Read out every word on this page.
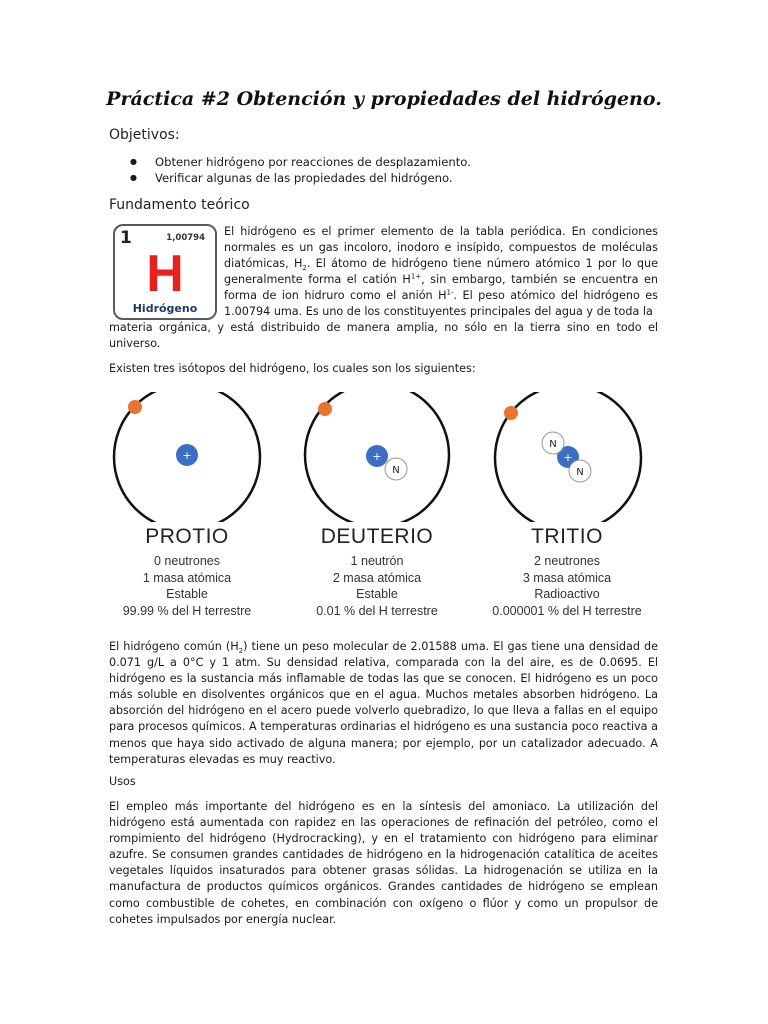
Práctica #2 Obtención y propiedades del hidrógeno.
Objetivos:
● Obtener hidrógeno por reacciones de desplazamiento.
● Verificar algunas de las propiedades del hidrógeno.
Fundamento teórico
1	1,00794
H
Hidrógeno

El hidrógeno es el primer elemento de la tabla periódica. En condiciones normales es un gas incoloro, inodoro e insípido, compuestos de moléculas diatómicas, $H_2$. El átomo de hidrógeno tiene número atómico 1 por lo que generalmente forma el catión $H^{1+}$, sin embargo, también se encuentra en forma de ion hidruro como el anión $H^{1-}$. El peso atómico del hidrógeno es 1.00794 uma. Es uno de los constituyentes principales del agua y de toda la

materia orgánica, y está distribuido de manera amplia, no sólo en la tierra sino en todo el universo.

Existen tres isótopos del hidrógeno, los cuales son los siguientes:

+	+
N
+
N
N
PROTIO
0 neutrones
1 masa atómica
Estable
99.99 % del H terrestre
DEUTERIO
1 neutrón
2 masa atómica
Estable
0.01 % del H terrestre
TRITIO
2 neutrones
3 masa atómica
Radioactivo
0.000001 % del H terrestre

El hidrógeno común $(H_2)$ tiene un peso molecular de 2.01588 uma. El gas tiene una densidad de 0.071 g/L a 0°C y 1 atm. Su densidad relativa, comparada con la del aire, es de 0.0695. El hidrógeno es la sustancia más inflamable de todas las que se conocen. El hidrógeno es un poco más soluble en disolventes orgánicos que en el agua. Muchos metales absorben hidrógeno. La absorción del hidrógeno en el acero puede volverlo quebradizo, lo que lleva a fallas en el equipo para procesos químicos. A temperaturas ordinarias el hidrógeno es una sustancia poco reactiva a menos que haya sido activado de alguna manera; por ejemplo, por un catalizador adecuado. A temperaturas elevadas es muy reactivo.

Usos

El empleo más importante del hidrógeno es en la síntesis del amoniaco. La utilización del hidrógeno está aumentada con rapidez en las operaciones de refinación del petróleo, como el rompimiento del hidrógeno (Hydrocracking), y en el tratamiento con hidrógeno para eliminar azufre. Se consumen grandes cantidades de hidrógeno en la hidrogenación catalítica de aceites vegetales líquidos insaturados para obtener grasas sólidas. La hidrogenación se utiliza en la manufactura de productos químicos orgánicos. Grandes cantidades de hidrógeno se emplean como combustible de cohetes, en combinación con oxígeno o flúor y como un propulsor de cohetes impulsados por energía nuclear.
